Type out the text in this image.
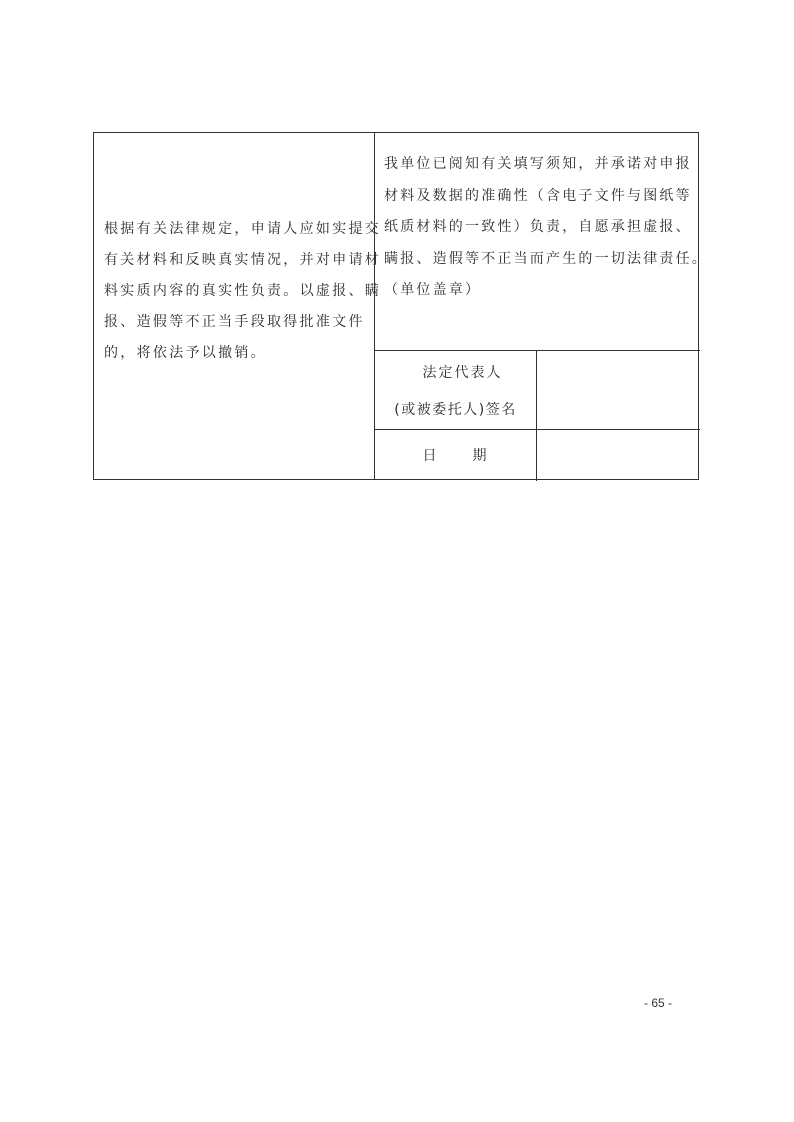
根据有关法律规定，申请人应如实提交
有关材料和反映真实情况，并对申请材
料实质内容的真实性负责。以虚报、瞒
报、造假等不正当手段取得批准文件
的，将依法予以撤销。
我单位已阅知有关填写须知，并承诺对申报
材料及数据的准确性（含电子文件与图纸等
纸质材料的一致性）负责，自愿承担虚报、
瞒报、造假等不正当而产生的一切法律责任。
（单位盖章）
法定代表人
(或被委托人)签名
日 期
- 65 -
